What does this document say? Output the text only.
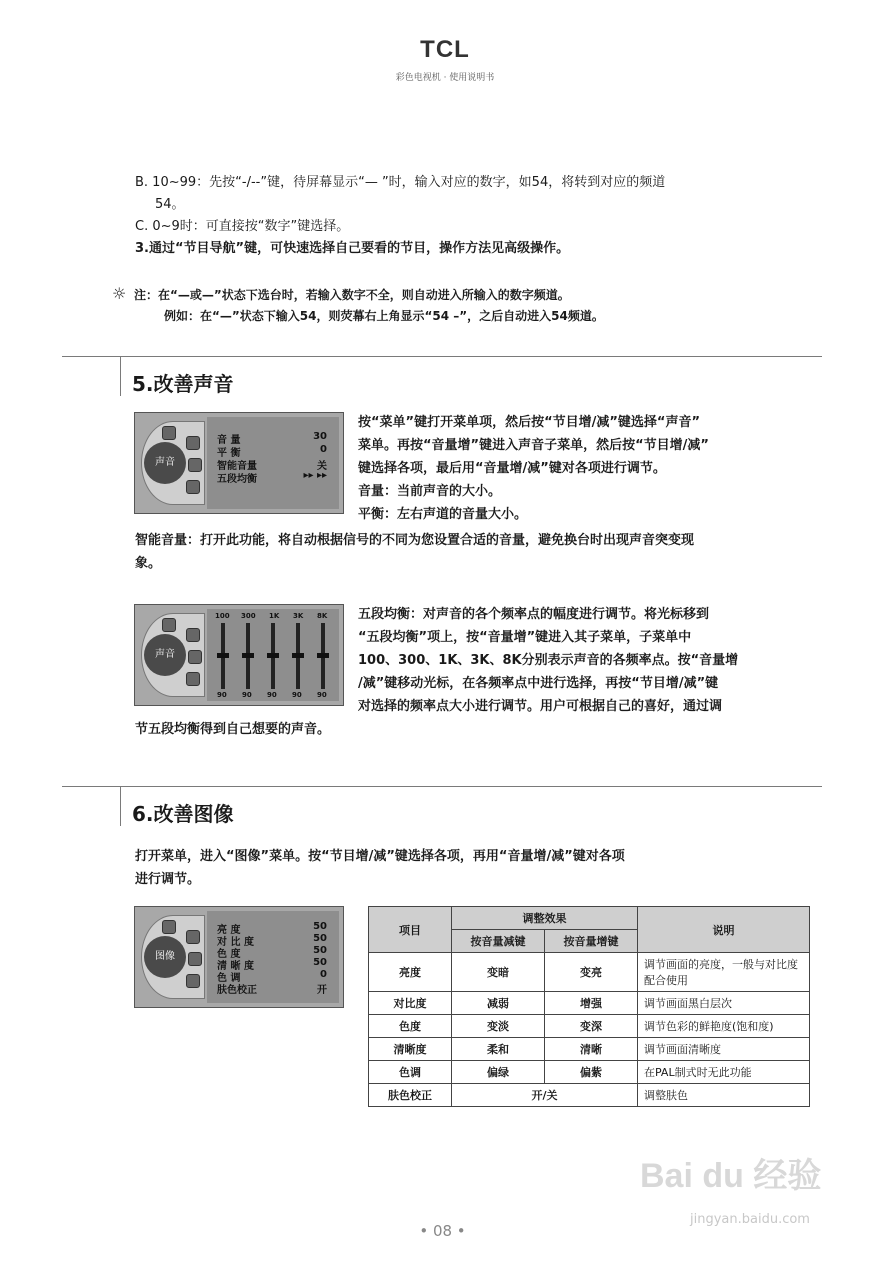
TCL
彩色电视机 · 使用说明书
B. 10~99：先按“-/--”键，待屏幕显示“— ”时，输入对应的数字，如54，将转到对应的频道
54。
C. 0~9时：可直接按“数字”键选择。
3.通过“节目导航”键，可快速选择自己要看的节目，操作方法见高级操作。
☼ 注：在“—或—”状态下选台时，若输入数字不全，则自动进入所输入的数字频道。
例如：在“—”状态下输入54，则荧幕右上角显示“54 –”，之后自动进入54频道。
5.改善声音
声音
音 量	30
平 衡	0
智能音量	关
五段均衡	▸▸ ▸▸
按“菜单”键打开菜单项，然后按“节目增/减”键选择“声音”
菜单。再按“音量增”键进入声音子菜单，然后按“节目增/减”
键选择各项，最后用“音量增/减”键对各项进行调节。
音量：当前声音的大小。
平衡：左右声道的音量大小。
智能音量：打开此功能，将自动根据信号的不同为您设置合适的音量，避免换台时出现声音突变现
象。
声音
100 300 1K 3K 8K
90 90 90 90 90
五段均衡：对声音的各个频率点的幅度进行调节。将光标移到
“五段均衡”项上，按“音量增”键进入其子菜单，子菜单中
100、300、1K、3K、8K分别表示声音的各频率点。按“音量增
/减”键移动光标，在各频率点中进行选择，再按“节目增/减”键
对选择的频率点大小进行调节。用户可根据自己的喜好，通过调
节五段均衡得到自己想要的声音。
6.改善图像
打开菜单，进入“图像”菜单。按“节目增/减”键选择各项，再用“音量增/减”键对各项
进行调节。
图像
亮 度	50
对 比 度	50
色 度	50
清 晰 度	50
色 调	0
肤色校正	开
项目	调整效果		说明
	按音量减键	按音量增键	
亮度	变暗	变亮	调节画面的亮度，一般与对比度配合使用
对比度	减弱	增强	调节画面黑白层次
色度	变淡	变深	调节色彩的鲜艳度(饱和度)
清晰度	柔和	清晰	调节画面清晰度
色调	偏绿	偏紫	在PAL制式时无此功能
肤色校正	开/关		调整肤色
Bai du 经验
jingyan.baidu.com
• 08 •
